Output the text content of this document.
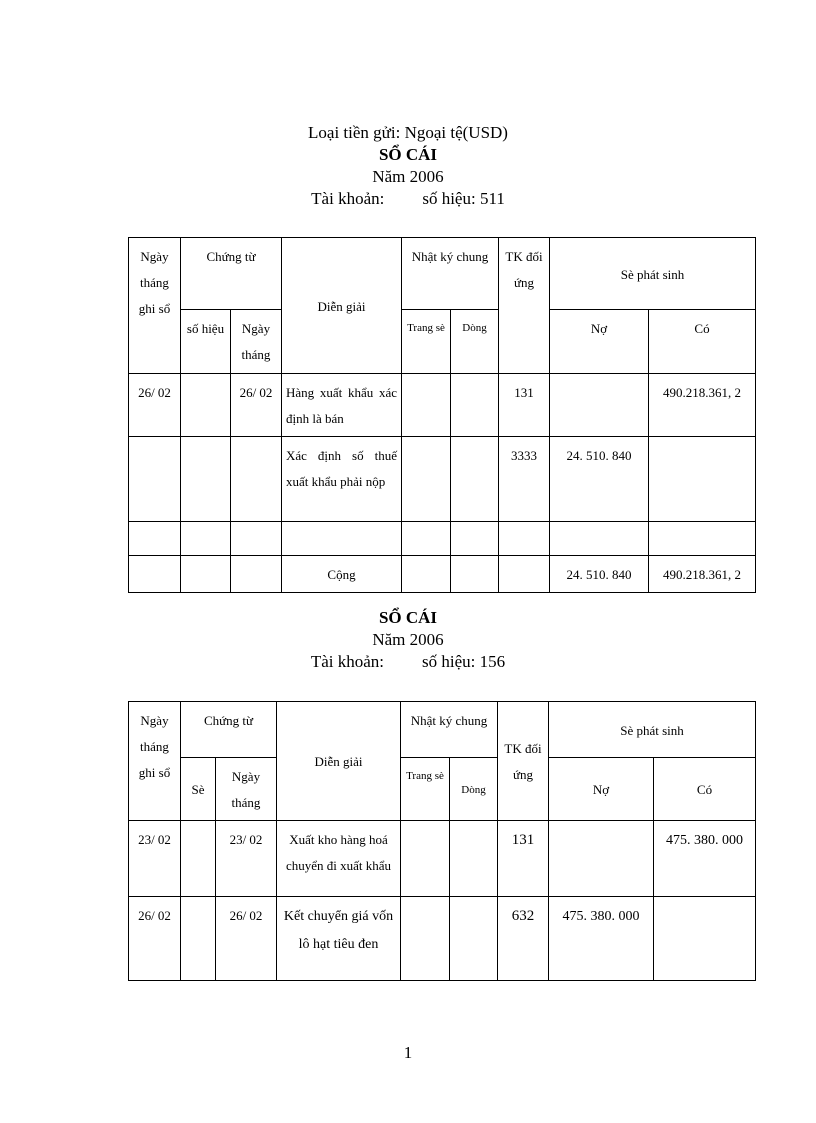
Loại tiền gửi: Ngoại tệ(USD)
SỔ CÁI
Năm 2006
Tài khoản: số hiệu: 511
Ngày tháng ghi sổ	Chứng từ		Diễn giải	Nhật ký chung		TK đối ứng	Sè phát sinh	
	số hiệu	Ngày tháng		Trang sè	Dòng		Nợ	Có
26/ 02		26/ 02	Hàng xuất khẩu xác định là bán			131		490.218.361, 2
			Xác định số thuế xuất khẩu phải nộp			3333	24. 510. 840	

			Cộng				24. 510. 840	490.218.361, 2
SỔ CÁI
Năm 2006
Tài khoản: số hiệu: 156
Ngày tháng ghi sổ	Chứng từ		Diễn giải	Nhật ký chung		TK đối ứng	Sè phát sinh	
	Sè	Ngày tháng		Trang sè	Dòng		Nợ	Có
23/ 02		23/ 02	Xuất kho hàng hoá chuyển đi xuất khẩu			131		475. 380. 000
26/ 02		26/ 02	Kết chuyển giá vốn lô hạt tiêu đen			632	475. 380. 000	
1
